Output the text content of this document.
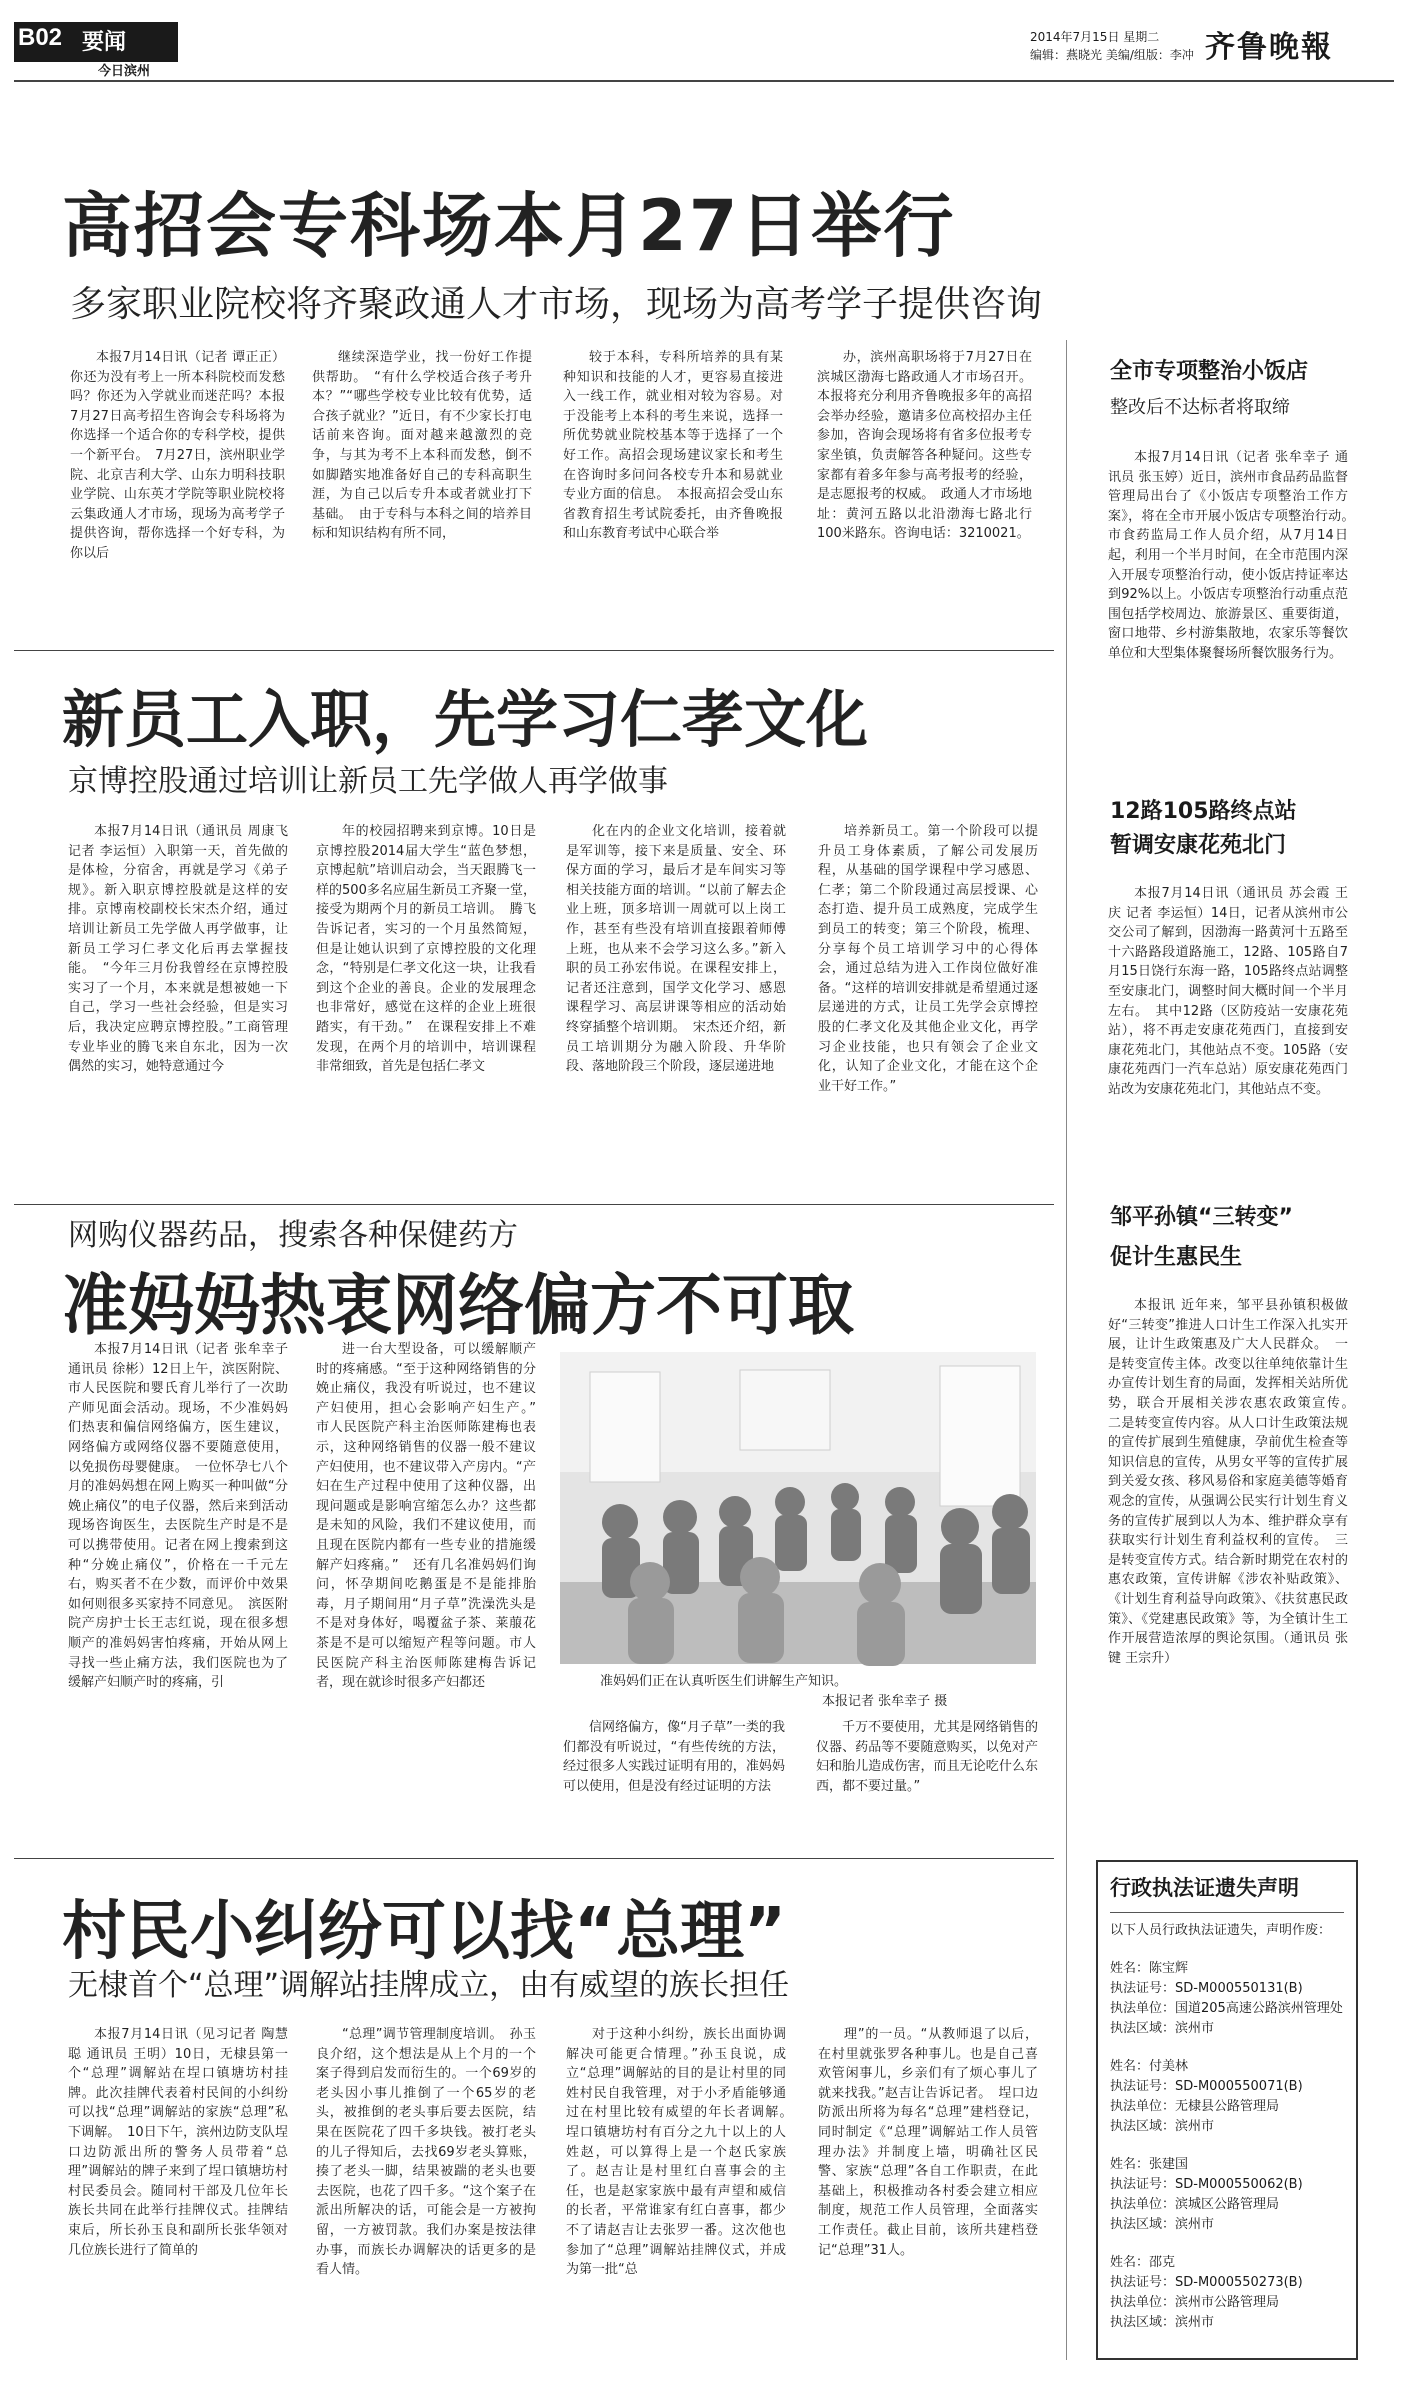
B02 要闻
今日滨州
2014年7月15日 星期二
编辑：燕晓光 美编/组版：李冲 齐鲁晚報
高招会专科场本月27日举行
多家职业院校将齐聚政通人才市场，现场为高考学子提供咨询

本报7月14日讯（记者 谭正正）你还为没有考上一所本科院校而发愁吗？你还为入学就业而迷茫吗？本报7月27日高考招生咨询会专科场将为你选择一个适合你的专科学校，提供一个新平台。　7月27日，滨州职业学院、北京吉利大学、山东力明科技职业学院、山东英才学院等职业院校将云集政通人才市场，现场为高考学子提供咨询，帮你选择一个好专科，为你以后

继续深造学业，找一份好工作提供帮助。　“有什么学校适合孩子考升本？”“哪些学校专业比较有优势，适合孩子就业？”近日，有不少家长打电话前来咨询。面对越来越激烈的竞争，与其为考不上本科而发愁，倒不如脚踏实地准备好自己的专科高职生涯，为自己以后专升本或者就业打下基础。　由于专科与本科之间的培养目标和知识结构有所不同，

较于本科，专科所培养的具有某种知识和技能的人才，更容易直接进入一线工作，就业相对较为容易。对于没能考上本科的考生来说，选择一所优势就业院校基本等于选择了一个好工作。高招会现场建议家长和考生在咨询时多问问各校专升本和易就业专业方面的信息。　本报高招会受山东省教育招生考试院委托，由齐鲁晚报和山东教育考试中心联合举

办，滨州高职场将于7月27日在滨城区渤海七路政通人才市场召开。本报将充分利用齐鲁晚报多年的高招会举办经验，邀请多位高校招办主任参加，咨询会现场将有省多位报考专家坐镇，负责解答各种疑问。这些专家都有着多年参与高考报考的经验，是志愿报考的权威。　政通人才市场地址：黄河五路以北沿渤海七路北行100米路东。咨询电话：3210021。

新员工入职，先学习仁孝文化
京博控股通过培训让新员工先学做人再学做事

本报7月14日讯（通讯员 周康飞 记者 李运恒）入职第一天，首先做的是体检，分宿舍，再就是学习《弟子规》。新入职京博控股就是这样的安排。京博南校副校长宋杰介绍，通过培训让新员工先学做人再学做事，让新员工学习仁孝文化后再去掌握技能。　“今年三月份我曾经在京博控股实习了一个月，本来就是想被她一下自己，学习一些社会经验，但是实习后，我决定应聘京博控股。”工商管理专业毕业的腾飞来自东北，因为一次偶然的实习，她特意通过今

年的校园招聘来到京博。10日是京博控股2014届大学生“蓝色梦想，京博起航”培训启动会，当天跟腾飞一样的500多名应届生新员工齐聚一堂，接受为期两个月的新员工培训。　腾飞告诉记者，实习的一个月虽然简短，但是让她认识到了京博控股的文化理念，“特别是仁孝文化这一块，让我看到这个企业的善良。企业的发展理念也非常好，感觉在这样的企业上班很踏实，有干劲。”　在课程安排上不难发现，在两个月的培训中，培训课程非常细致，首先是包括仁孝文

化在内的企业文化培训，接着就是军训等，接下来是质量、安全、环保方面的学习，最后才是车间实习等相关技能方面的培训。“以前了解去企业上班，顶多培训一周就可以上岗工作，甚至有些没有培训直接跟着师傅上班，也从来不会学习这么多。”新入职的员工孙宏伟说。在课程安排上，记者还注意到，国学文化学习、感恩课程学习、高层讲课等相应的活动始终穿插整个培训期。　宋杰还介绍，新员工培训期分为融入阶段、升华阶段、落地阶段三个阶段，逐层递进地

培养新员工。第一个阶段可以提升员工身体素质，了解公司发展历程，从基础的国学课程中学习感恩、仁孝；第二个阶段通过高层授课、心态打造、提升员工成熟度，完成学生到员工的转变；第三个阶段，梳理、分享每个员工培训学习中的心得体会，通过总结为进入工作岗位做好准备。“这样的培训安排就是希望通过逐层递进的方式，让员工先学会京博控股的仁孝文化及其他企业文化，再学习企业技能，也只有领会了企业文化，认知了企业文化，才能在这个企业干好工作。”

网购仪器药品，搜索各种保健药方
准妈妈热衷网络偏方不可取

本报7月14日讯（记者 张牟幸子 通讯员 徐彬）12日上午，滨医附院、市人民医院和婴氏育儿举行了一次助产师见面会活动。现场，不少准妈妈们热衷和偏信网络偏方，医生建议，网络偏方或网络仪器不要随意使用，以免损伤母婴健康。　一位怀孕七八个月的准妈妈想在网上购买一种叫做“分娩止痛仪”的电子仪器，然后来到活动现场咨询医生，去医院生产时是不是可以携带使用。记者在网上搜索到这种“分娩止痛仪”，价格在一千元左右，购买者不在少数，而评价中效果如何则很多买家持不同意见。　滨医附院产房护士长王志红说，现在很多想顺产的准妈妈害怕疼痛，开始从网上寻找一些止痛方法，我们医院也为了缓解产妇顺产时的疼痛，引

进一台大型设备，可以缓解顺产时的疼痛感。“至于这种网络销售的分娩止痛仪，我没有听说过，也不建议产妇使用，担心会影响产妇生产。”　市人民医院产科主治医师陈建梅也表示，这种网络销售的仪器一般不建议产妇使用，也不建议带入产房内。“产妇在生产过程中使用了这种仪器，出现问题或是影响宫缩怎么办？这些都是未知的风险，我们不建议使用，而且现在医院内都有一些专业的措施缓解产妇疼痛。”　还有几名准妈妈们询问，怀孕期间吃鹅蛋是不是能排胎毒，月子期间用“月子草”洗澡洗头是不是对身体好，喝覆盆子茶、莱菔花茶是不是可以缩短产程等问题。市人民医院产科主治医师陈建梅告诉记者，现在就诊时很多产妇都还	准妈妈们正在认真听医生们讲解生产知识。
本报记者 张牟幸子 摄

信网络偏方，像“月子草”一类的我们都没有听说过，“有些传统的方法，经过很多人实践过证明有用的，准妈妈可以使用，但是没有经过证明的方法

千万不要使用，尤其是网络销售的仪器、药品等不要随意购买，以免对产妇和胎儿造成伤害，而且无论吃什么东西，都不要过量。”

村民小纠纷可以找“总理”
无棣首个“总理”调解站挂牌成立，由有威望的族长担任

本报7月14日讯（见习记者 陶慧聪 通讯员 王明）10日，无棣县第一个“总理”调解站在埕口镇塘坊村挂牌。此次挂牌代表着村民间的小纠纷可以找“总理”调解站的家族“总理”私下调解。　10日下午，滨州边防支队埕口边防派出所的警务人员带着“总理”调解站的牌子来到了埕口镇塘坊村村民委员会。随同村干部及几位年长族长共同在此举行挂牌仪式。挂牌结束后，所长孙玉良和副所长张华领对几位族长进行了简单的

“总理”调节管理制度培训。　孙玉良介绍，这个想法是从上个月的一个案子得到启发而衍生的。一个69岁的老头因小事儿推倒了一个65岁的老头，被推倒的老头事后要去医院，结果在医院花了四千多块钱。被打老头的儿子得知后，去找69岁老头算账，揍了老头一脚，结果被踹的老头也要去医院，也花了四千多。“这个案子在派出所解决的话，可能会是一方被拘留，一方被罚款。我们办案是按法律办事，而族长办调解决的话更多的是看人情。

对于这种小纠纷，族长出面协调解决可能更合情理。”孙玉良说，成立“总理”调解站的目的是让村里的同姓村民自我管理，对于小矛盾能够通过在村里比较有威望的年长者调解。　埕口镇塘坊村有百分之九十以上的人姓赵，可以算得上是一个赵氏家族了。赵吉让是村里红白喜事会的主任，也是赵家家族中最有声望和威信的长者，平常谁家有红白喜事，都少不了请赵吉让去张罗一番。这次他也参加了“总理”调解站挂牌仪式，并成为第一批“总

理”的一员。“从教师退了以后，在村里就张罗各种事儿。也是自己喜欢管闲事儿，乡亲们有了烦心事儿了就来找我。”赵吉让告诉记者。　埕口边防派出所将为每名“总理”建档登记，同时制定《“总理”调解站工作人员管理办法》并制度上墙，明确社区民警、家族“总理”各自工作职责，在此基础上，积极推动各村委会建立相应制度，规范工作人员管理，全面落实工作责任。截止目前，该所共建档登记“总理”31人。

全市专项整治小饭店
整改后不达标者将取缔

本报7月14日讯（记者 张牟幸子 通讯员 张玉婷）近日，滨州市食品药品监督管理局出台了《小饭店专项整治工作方案》，将在全市开展小饭店专项整治行动。　市食药监局工作人员介绍，从7月14日起，利用一个半月时间，在全市范围内深入开展专项整治行动，使小饭店持证率达到92%以上。小饭店专项整治行动重点范围包括学校周边、旅游景区、重要街道，窗口地带、乡村游集散地，农家乐等餐饮单位和大型集体聚餐场所餐饮服务行为。

12路105路终点站
暂调安康花苑北门

本报7月14日讯（通讯员 苏会霞 王庆 记者 李运恒）14日，记者从滨州市公交公司了解到，因渤海一路黄河十五路至十六路路段道路施工，12路、105路自7月15日饶行东海一路，105路终点站调整至安康北门，调整时间大概时间一个半月左右。　其中12路（区防疫站一安康花苑站），将不再走安康花苑西门，直接到安康花苑北门，其他站点不变。105路（安康花苑西门一汽车总站）原安康花苑西门站改为安康花苑北门，其他站点不变。

邹平孙镇“三转变”
促计生惠民生

本报讯 近年来，邹平县孙镇积极做好“三转变”推进人口计生工作深入扎实开展，让计生政策惠及广大人民群众。　一是转变宣传主体。改变以往单纯依靠计生办宣传计划生育的局面，发挥相关站所优势，联合开展相关涉农惠农政策宣传。　二是转变宣传内容。从人口计生政策法规的宣传扩展到生殖健康，孕前优生检查等知识信息的宣传，从男女平等的宣传扩展到关爱女孩、移风易俗和家庭美德等婚育观念的宣传，从强调公民实行计划生育义务的宣传扩展到以人为本、维护群众享有获取实行计划生育利益权利的宣传。　三是转变宣传方式。结合新时期党在农村的惠农政策，宣传讲解《涉农补贴政策》、《计划生育利益导向政策》、《扶贫惠民政策》、《党建惠民政策》等，为全镇计生工作开展营造浓厚的舆论氛围。（通讯员 张键 王宗升）

行政执法证遗失声明
以下人员行政执法证遗失，声明作废：
姓名：陈宝辉
执法证号：SD-M000550131(B)
执法单位：国道205高速公路滨州管理处
执法区域：滨州市
姓名：付美林
执法证号：SD-M000550071(B)
执法单位：无棣县公路管理局
执法区域：滨州市
姓名：张建国
执法证号：SD-M000550062(B)
执法单位：滨城区公路管理局
执法区域：滨州市
姓名：邵克
执法证号：SD-M000550273(B)
执法单位：滨州市公路管理局
执法区域：滨州市
